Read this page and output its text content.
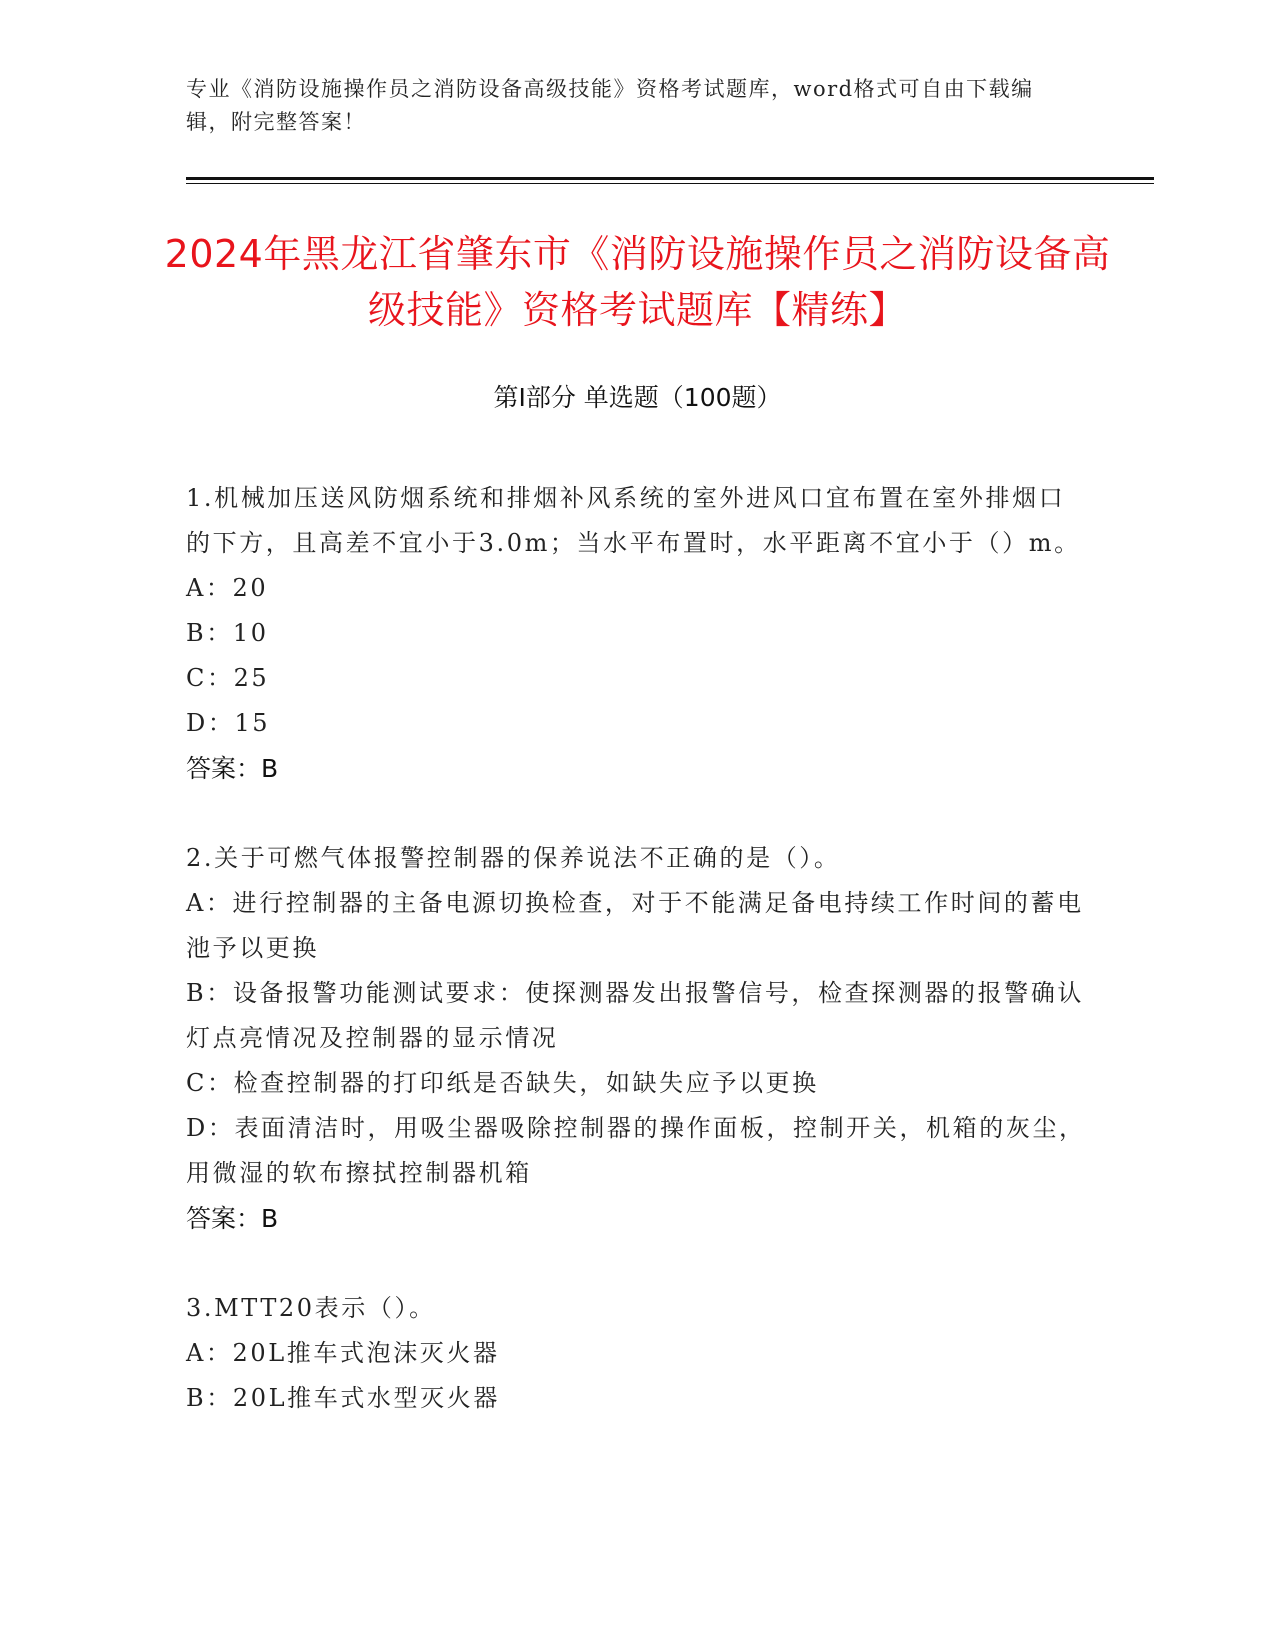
专业《消防设施操作员之消防设备高级技能》资格考试题库，word格式可自由下载编辑，附完整答案！
2024年黑龙江省肇东市《消防设施操作员之消防设备高级技能》资格考试题库【精练】
第I部分 单选题（100题）
1.机械加压送风防烟系统和排烟补风系统的室外进风口宜布置在室外排烟口的下方，且高差不宜小于3.0m；当水平布置时，水平距离不宜小于（）m。
A：20
B：10
C：25
D：15
答案：B
2.关于可燃气体报警控制器的保养说法不正确的是（）。
A：进行控制器的主备电源切换检查，对于不能满足备电持续工作时间的蓄电池予以更换
B：设备报警功能测试要求：使探测器发出报警信号，检查探测器的报警确认灯点亮情况及控制器的显示情况
C：检查控制器的打印纸是否缺失，如缺失应予以更换
D：表面清洁时，用吸尘器吸除控制器的操作面板，控制开关，机箱的灰尘，用微湿的软布擦拭控制器机箱
答案：B
3.MTT20表示（）。
A：20L推车式泡沫灭火器
B：20L推车式水型灭火器
